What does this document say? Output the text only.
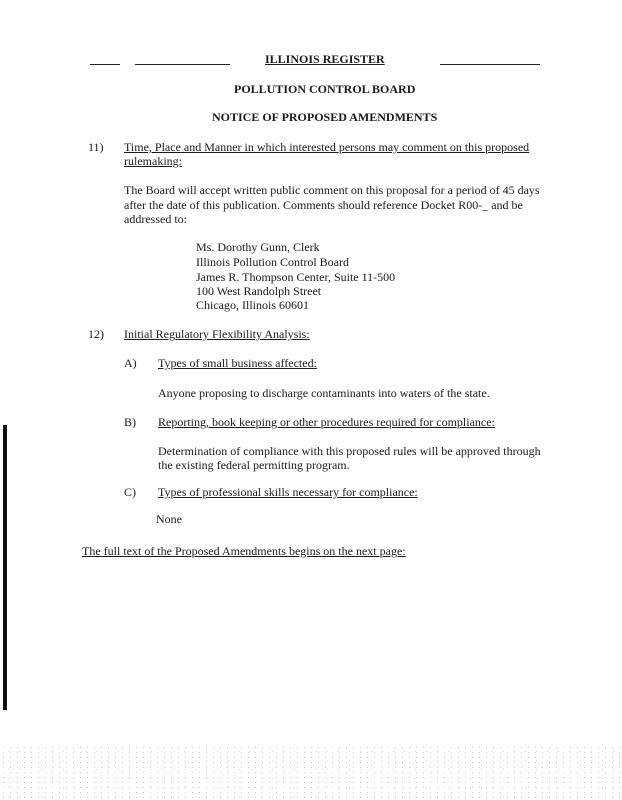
ILLINOIS REGISTER
POLLUTION CONTROL BOARD
NOTICE OF PROPOSED AMENDMENTS
11) Time, Place and Manner in which interested persons may comment on this proposed
rulemaking:
The Board will accept written public comment on this proposal for a period of 45 days
after the date of this publication. Comments should reference Docket R00-_ and be
addressed to:
Ms. Dorothy Gunn, Clerk
Illinois Pollution Control Board
James R. Thompson Center, Suite 11-500
100 West Randolph Street
Chicago, Illinois 60601
12) Initial Regulatory Flexibility Analysis:
A) Types of small business affected:
Anyone proposing to discharge contaminants into waters of the state.
B) Reporting, book keeping or other procedures required for compliance:
Determination of compliance with this proposed rules will be approved through
the existing federal permitting program.
C) Types of professional skills necessary for compliance:
None
The full text of the Proposed Amendments begins on the next page:
